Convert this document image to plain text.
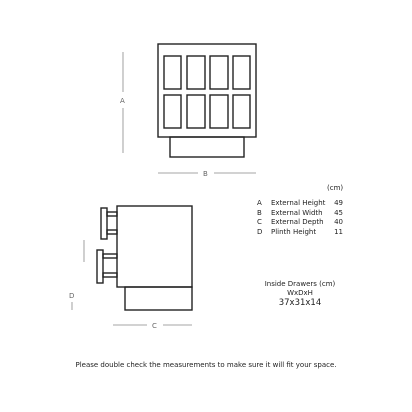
A
B
D
C
(cm)
A	External Height	49
B	External Width	45
C	External Depth	40
D	Plinth Height	11
Inside Drawers (cm)
WxDxH
37x31x14
Please double check the measurements to make sure it will fit your space.
